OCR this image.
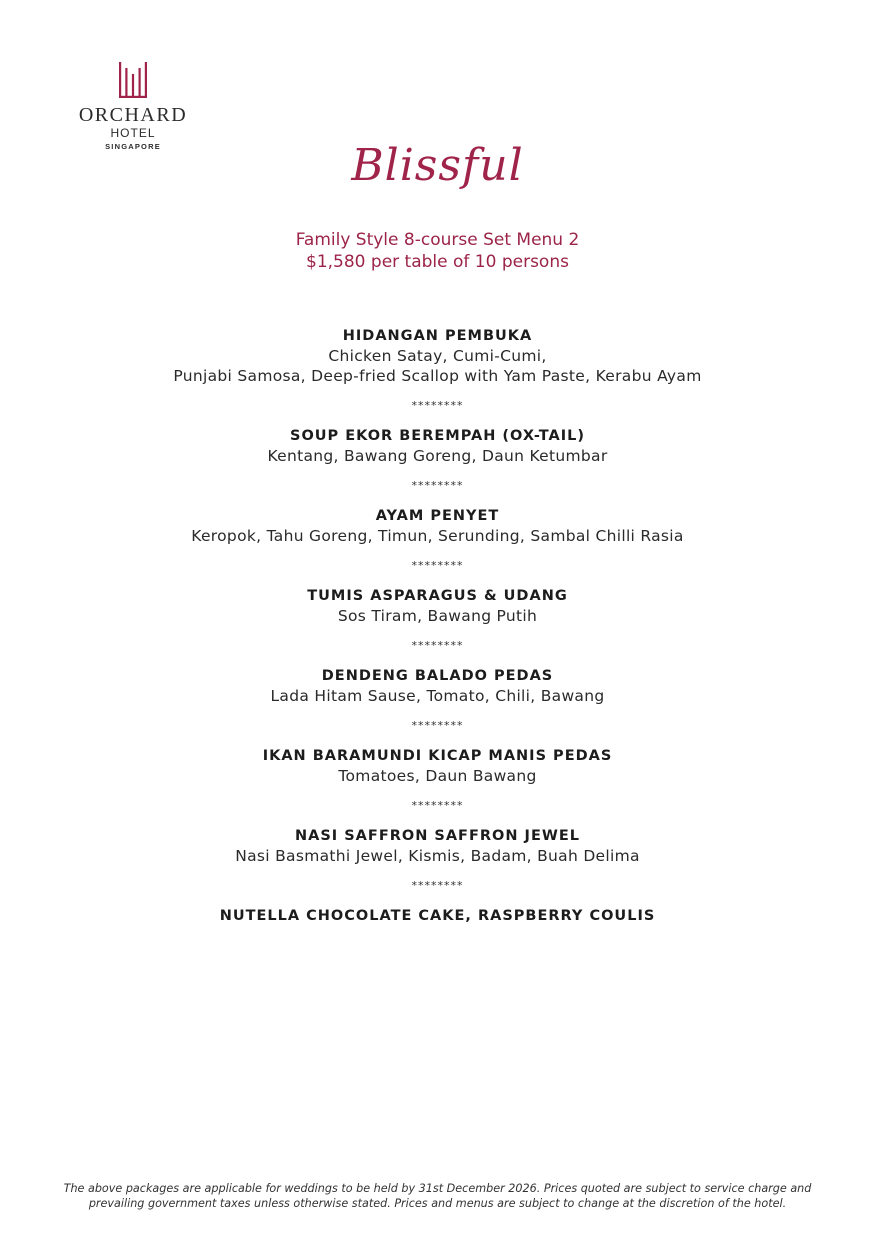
ORCHARD
HOTEL
SINGAPORE	Blissful
Family Style 8-course Set Menu 2
$1,580 per table of 10 persons
HIDANGAN PEMBUKA
Chicken Satay, Cumi-Cumi,
Punjabi Samosa, Deep-fried Scallop with Yam Paste, Kerabu Ayam
********
SOUP EKOR BEREMPAH (OX-TAIL)
Kentang, Bawang Goreng, Daun Ketumbar
********
AYAM PENYET
Keropok, Tahu Goreng, Timun, Serunding, Sambal Chilli Rasia
********
TUMIS ASPARAGUS & UDANG
Sos Tiram, Bawang Putih
********
DENDENG BALADO PEDAS
Lada Hitam Sause, Tomato, Chili, Bawang
********
IKAN BARAMUNDI KICAP MANIS PEDAS
Tomatoes, Daun Bawang
********
NASI SAFFRON SAFFRON JEWEL
Nasi Basmathi Jewel, Kismis, Badam, Buah Delima
********
NUTELLA CHOCOLATE CAKE, RASPBERRY COULIS
The above packages are applicable for weddings to be held by 31st December 2026. Prices quoted are subject to service charge and
prevailing government taxes unless otherwise stated. Prices and menus are subject to change at the discretion of the hotel.
